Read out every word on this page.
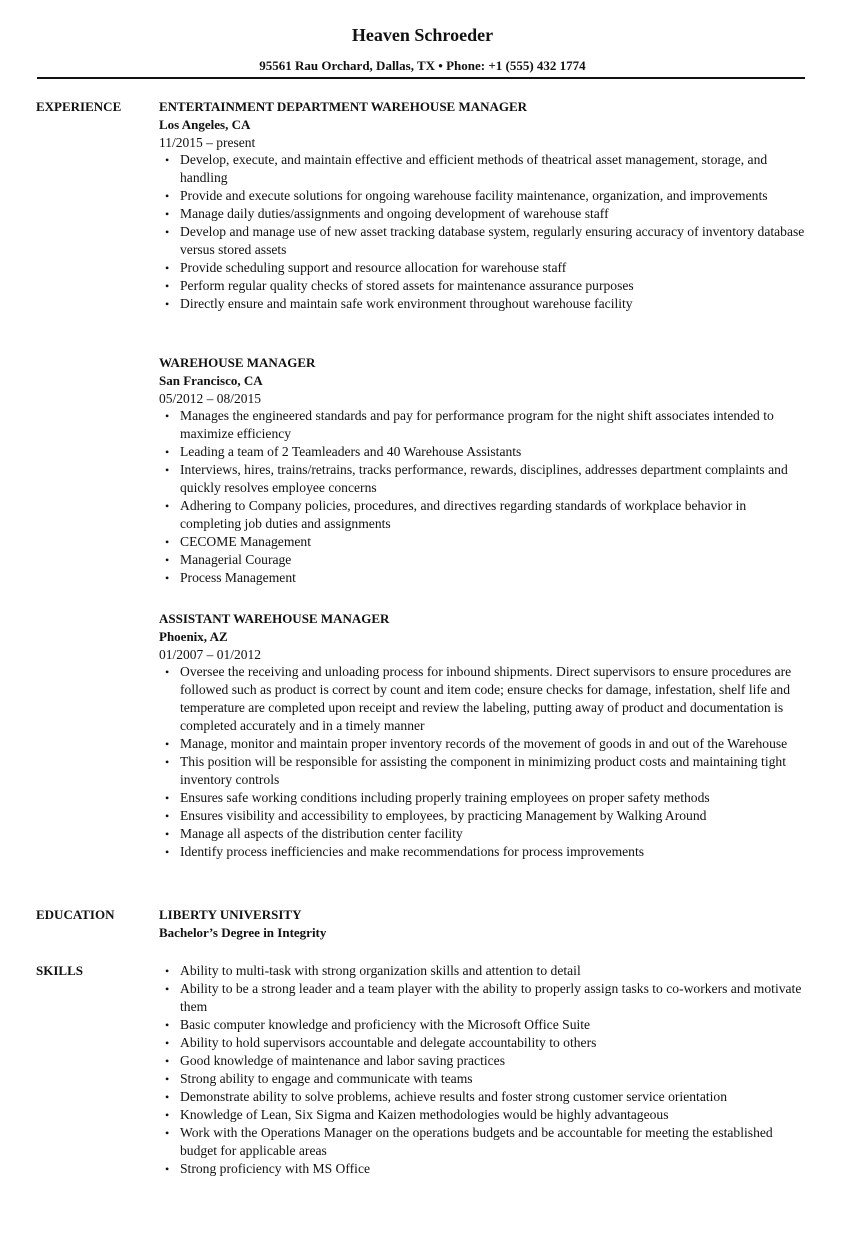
Heaven Schroeder
95561 Rau Orchard, Dallas, TX • Phone: +1 (555) 432 1774
EXPERIENCE	ENTERTAINMENT DEPARTMENT WAREHOUSE MANAGER
Los Angeles, CA
11/2015 – present
• Develop, execute, and maintain effective and efficient methods of theatrical asset management, storage, and handling
• Provide and execute solutions for ongoing warehouse facility maintenance, organization, and improvements
• Manage daily duties/assignments and ongoing development of warehouse staff
• Develop and manage use of new asset tracking database system, regularly ensuring accuracy of inventory database versus stored assets
• Provide scheduling support and resource allocation for warehouse staff
• Perform regular quality checks of stored assets for maintenance assurance purposes
• Directly ensure and maintain safe work environment throughout warehouse facility
WAREHOUSE MANAGER
San Francisco, CA
05/2012 – 08/2015
• Manages the engineered standards and pay for performance program for the night shift associates intended to maximize efficiency
• Leading a team of 2 Teamleaders and 40 Warehouse Assistants
• Interviews, hires, trains/retrains, tracks performance, rewards, disciplines, addresses department complaints and quickly resolves employee concerns
• Adhering to Company policies, procedures, and directives regarding standards of workplace behavior in completing job duties and assignments
• CECOME Management
• Managerial Courage
• Process Management
ASSISTANT WAREHOUSE MANAGER
Phoenix, AZ
01/2007 – 01/2012
• Oversee the receiving and unloading process for inbound shipments. Direct supervisors to ensure procedures are followed such as product is correct by count and item code; ensure checks for damage, infestation, shelf life and temperature are completed upon receipt and review the labeling, putting away of product and documentation is completed accurately and in a timely manner
• Manage, monitor and maintain proper inventory records of the movement of goods in and out of the Warehouse
• This position will be responsible for assisting the component in minimizing product costs and maintaining tight inventory controls
• Ensures safe working conditions including properly training employees on proper safety methods
• Ensures visibility and accessibility to employees, by practicing Management by Walking Around
• Manage all aspects of the distribution center facility
• Identify process inefficiencies and make recommendations for process improvements
EDUCATION	LIBERTY UNIVERSITY
Bachelor’s Degree in Integrity
SKILLS
•	Ability to multi-task with strong organization skills and attention to detail
• Ability to be a strong leader and a team player with the ability to properly assign tasks to co-workers and motivate them
• Basic computer knowledge and proficiency with the Microsoft Office Suite
• Ability to hold supervisors accountable and delegate accountability to others
• Good knowledge of maintenance and labor saving practices
• Strong ability to engage and communicate with teams
• Demonstrate ability to solve problems, achieve results and foster strong customer service orientation
• Knowledge of Lean, Six Sigma and Kaizen methodologies would be highly advantageous
• Work with the Operations Manager on the operations budgets and be accountable for meeting the established budget for applicable areas
• Strong proficiency with MS Office
